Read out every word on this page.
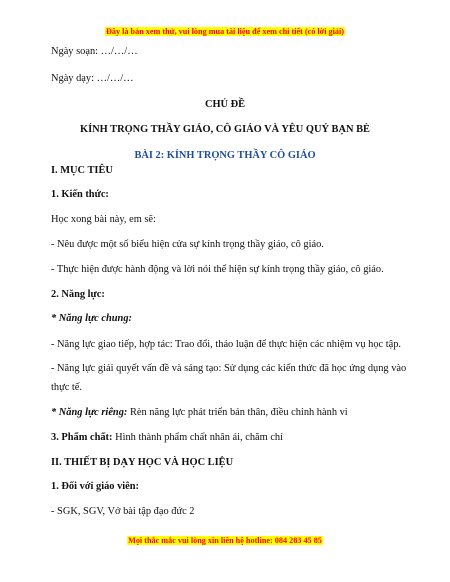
Đây là bản xem thử, vui lòng mua tài liệu để xem chi tiết (có lời giải)
Ngày soạn: …/…/…
Ngày dạy: …/…/…
CHỦ ĐỀ
KÍNH TRỌNG THẦY GIÁO, CÔ GIÁO VÀ YÊU QUÝ BẠN BÈ
BÀI 2: KÍNH TRỌNG THẦY CÔ GIÁO
I. MỤC TIÊU
1. Kiến thức:
Học xong bài này, em sẽ:
- Nêu được một số biểu hiện cửa sự kính trọng thầy giáo, cô giáo.
- Thực hiện được hành động và lời nói thể hiện sự kính trọng thầy giáo, cô giáo.
2. Năng lực:
* Năng lực chung:
- Năng lực giao tiếp, hợp tác: Trao đổi, thảo luận để thực hiện các nhiệm vụ học tập.
- Năng lực giải quyết vấn đề và sáng tạo: Sử dụng các kiến thức đã học ứng dụng vào
thực tế.
* Năng lực riêng: Rèn năng lực phát triển bản thân, điều chỉnh hành vi
3. Phẩm chất: Hình thành phẩm chất nhân ái, chăm chỉ
II. THIẾT BỊ DẠY HỌC VÀ HỌC LIỆU
1. Đối với giáo viên:
- SGK, SGV, Vở bài tập đạo đức 2
Mọi thắc mắc vui lòng xin liên hệ hotline: 084 283 45 85
